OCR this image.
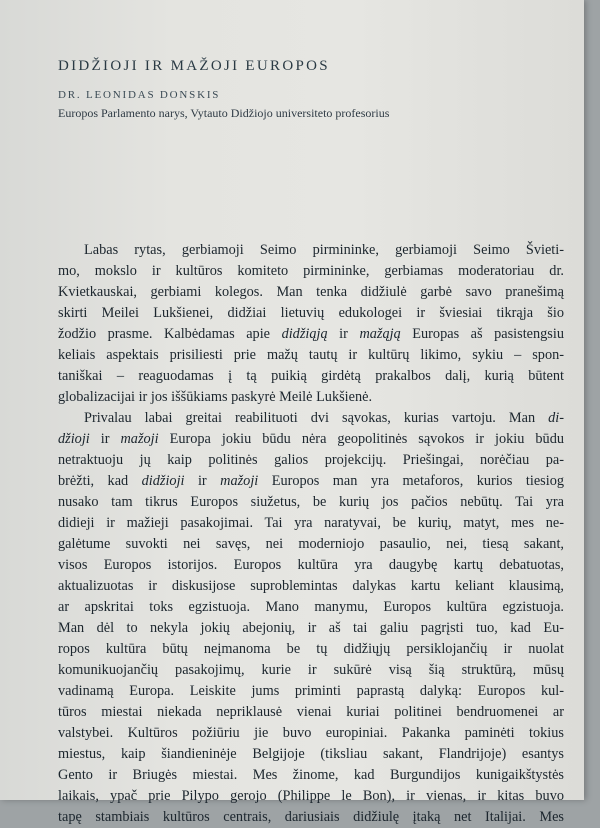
DIDŽIOJI IR MAŽOJI EUROPOS
DR. LEONIDAS DONSKIS
Europos Parlamento narys, Vytauto Didžiojo universiteto profesorius
Labas rytas, gerbiamoji Seimo pirmininke, gerbiamoji Seimo Švieti-
mo, mokslo ir kultūros komiteto pirmininke, gerbiamas moderatoriau dr.
Kvietkauskai, gerbiami kolegos. Man tenka didžiulė garbė savo pranešimą
skirti Meilei Lukšienei, didžiai lietuvių edukologei ir šviesiai tikrąja šio
žodžio prasme. Kalbėdamas apie didžiąją ir mažąją Europas aš pasistengsiu
keliais aspektais prisiliesti prie mažų tautų ir kultūrų likimo, sykiu – spon-
taniškai – reaguodamas į tą puikią girdėtą prakalbos dalį, kurią būtent
globalizacijai ir jos iššūkiams paskyrė Meilė Lukšienė.
Privalau labai greitai reabilituoti dvi sąvokas, kurias vartoju. Man di-
džioji ir mažoji Europa jokiu būdu nėra geopolitinės sąvokos ir jokiu būdu
netraktuoju jų kaip politinės galios projekcijų. Priešingai, norėčiau pa-
brėžti, kad didžioji ir mažoji Europos man yra metaforos, kurios tiesiog
nusako tam tikrus Europos siužetus, be kurių jos pačios nebūtų. Tai yra
didieji ir mažieji pasakojimai. Tai yra naratyvai, be kurių, matyt, mes ne-
galėtume suvokti nei savęs, nei moderniojo pasaulio, nei, tiesą sakant,
visos Europos istorijos. Europos kultūra yra daugybę kartų debatuotas,
aktualizuotas ir diskusijose suproblemintas dalykas kartu keliant klausimą,
ar apskritai toks egzistuoja. Mano manymu, Europos kultūra egzistuoja.
Man dėl to nekyla jokių abejonių, ir aš tai galiu pagrįsti tuo, kad Eu-
ropos kultūra būtų neįmanoma be tų didžiųjų persiklojančių ir nuolat
komunikuojančių pasakojimų, kurie ir sukūrė visą šią struktūrą, mūsų
vadinamą Europa. Leiskite jums priminti paprastą dalyką: Europos kul-
tūros miestai niekada nepriklausė vienai kuriai politinei bendruomenei ar
valstybei. Kultūros požiūriu jie buvo europiniai. Pakanka paminėti tokius
miestus, kaip šiandieninėje Belgijoje (tiksliau sakant, Flandrijoje) esantys
Gento ir Briugės miestai. Mes žinome, kad Burgundijos kunigaikštystės
laikais, ypač prie Pilypo gerojo (Philippe le Bon), ir vienas, ir kitas buvo
tapę stambiais kultūros centrais, dariusiais didžiulę įtaką net Italijai. Mes
